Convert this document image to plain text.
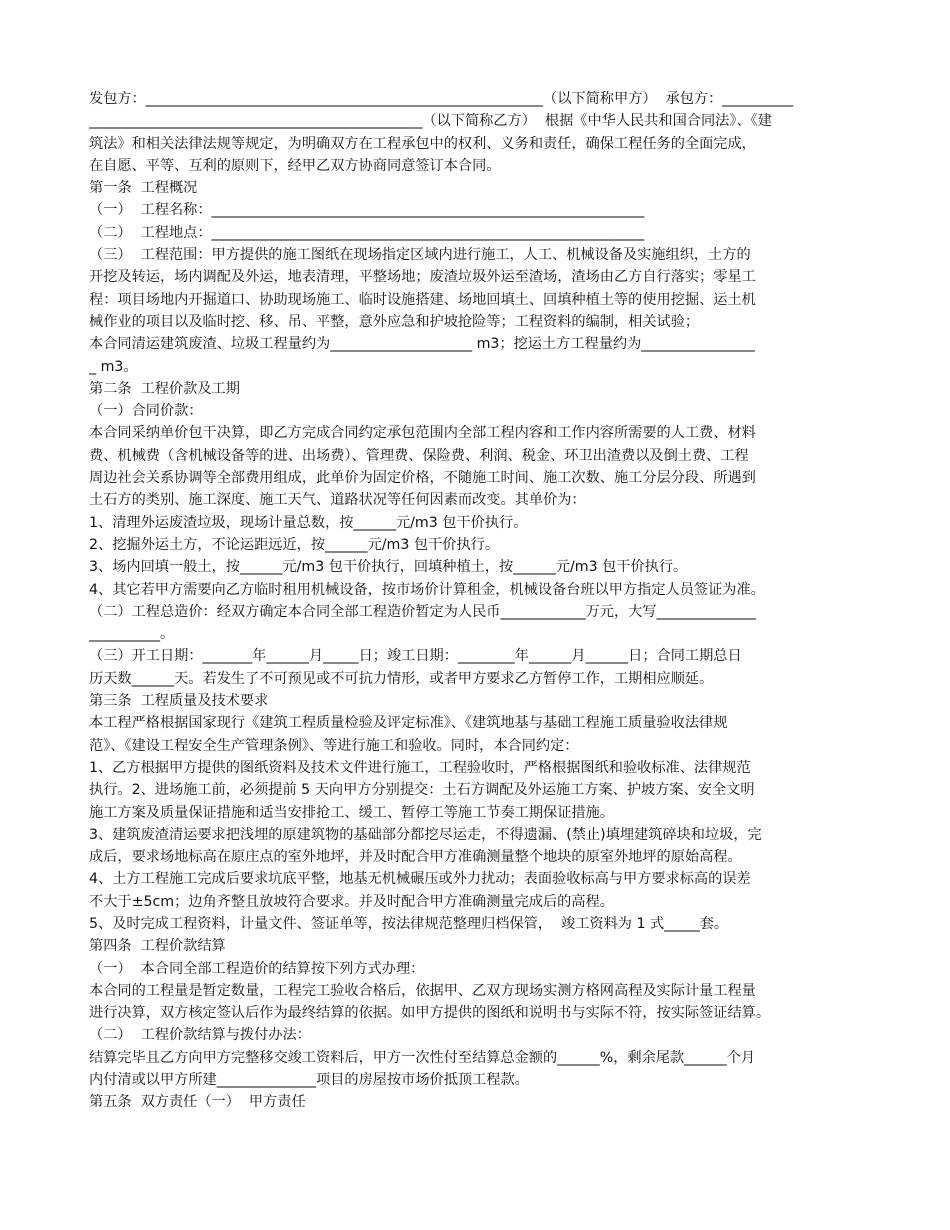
发包方：________________________________________________________（以下简称甲方）  承包方：__________
_______________________________________________（以下简称乙方）  根据《中华人民共和国合同法》、《建
筑法》和相关法律法规等规定，为明确双方在工程承包中的权利、义务和责任，确保工程任务的全面完成，
在自愿、平等、互利的原则下，经甲乙双方协商同意签订本合同。
第一条  工程概况
（一）  工程名称：_____________________________________________________________
（二）  工程地点：_____________________________________________________________
（三）  工程范围：甲方提供的施工图纸在现场指定区域内进行施工，人工、机械设备及实施组织，土方的
开挖及转运，场内调配及外运，地表清理，平整场地；废渣垃圾外运至渣场，渣场由乙方自行落实；零星工
程：项目场地内开掘道口、协助现场施工、临时设施搭建、场地回填土、回填种植土等的使用挖掘、运土机
械作业的项目以及临时挖、移、吊、平整，意外应急和护坡抢险等；工程资料的编制，相关试验；
本合同清运建筑废渣、垃圾工程量约为____________________ m3；挖运土方工程量约为________________
_ m3。
第二条  工程价款及工期
（一）合同价款：
本合同采纳单价包干决算，即乙方完成合同约定承包范围内全部工程内容和工作内容所需要的人工费、材料
费、机械费（含机械设备等的进、出场费）、管理费、保险费、利润、税金、环卫出渣费以及倒土费、工程
周边社会关系协调等全部费用组成，此单价为固定价格，不随施工时间、施工次数、施工分层分段、所遇到
土石方的类别、施工深度、施工天气、道路状况等任何因素而改变。其单价为：
1、清理外运废渣垃圾，现场计量总数，按______元/m3 包干价执行。
2、挖掘外运土方，不论运距远近，按______元/m3 包干价执行。
3、场内回填一般土，按______元/m3 包干价执行，回填种植土，按______元/m3 包干价执行。
4、其它若甲方需要向乙方临时租用机械设备，按市场价计算租金，机械设备台班以甲方指定人员签证为准。
（二）工程总造价：经双方确定本合同全部工程造价暂定为人民币____________万元，大写______________
__________。
（三）开工日期：_______年______月_____日；竣工日期：________年______月______日；合同工期总日
历天数______天。若发生了不可预见或不可抗力情形，或者甲方要求乙方暂停工作，工期相应顺延。
第三条  工程质量及技术要求
本工程严格根据国家现行《建筑工程质量检验及评定标准》、《建筑地基与基础工程施工质量验收法律规
范》、《建设工程安全生产管理条例》、等进行施工和验收。同时，本合同约定：
1、乙方根据甲方提供的图纸资料及技术文件进行施工，工程验收时，严格根据图纸和验收标准、法律规范
执行。2、进场施工前，必须提前 5 天向甲方分别提交：土石方调配及外运施工方案、护坡方案、安全文明
施工方案及质量保证措施和适当安排抢工、缓工、暂停工等施工节奏工期保证措施。
3、建筑废渣清运要求把浅埋的原建筑物的基础部分都挖尽运走，不得遗漏、(禁止)填埋建筑碎块和垃圾，完
成后，要求场地标高在原庄点的室外地坪，并及时配合甲方准确测量整个地块的原室外地坪的原始高程。
4、土方工程施工完成后要求坑底平整，地基无机械碾压或外力扰动；表面验收标高与甲方要求标高的误差
不大于±5cm；边角齐整且放坡符合要求。并及时配合甲方准确测量完成后的高程。
5、及时完成工程资料，计量文件、签证单等，按法律规范整理归档保管，  竣工资料为 1 式_____套。
第四条  工程价款结算
（一）  本合同全部工程造价的结算按下列方式办理：
本合同的工程量是暂定数量，工程完工验收合格后，依据甲、乙双方现场实测方格网高程及实际计量工程量
进行决算，双方核定签认后作为最终结算的依据。如甲方提供的图纸和说明书与实际不符，按实际签证结算。
（二）  工程价款结算与拨付办法：
结算完毕且乙方向甲方完整移交竣工资料后，甲方一次性付至结算总金额的______%，剩余尾款______个月
内付清或以甲方所建______________项目的房屋按市场价抵顶工程款。
第五条  双方责任（一）  甲方责任
